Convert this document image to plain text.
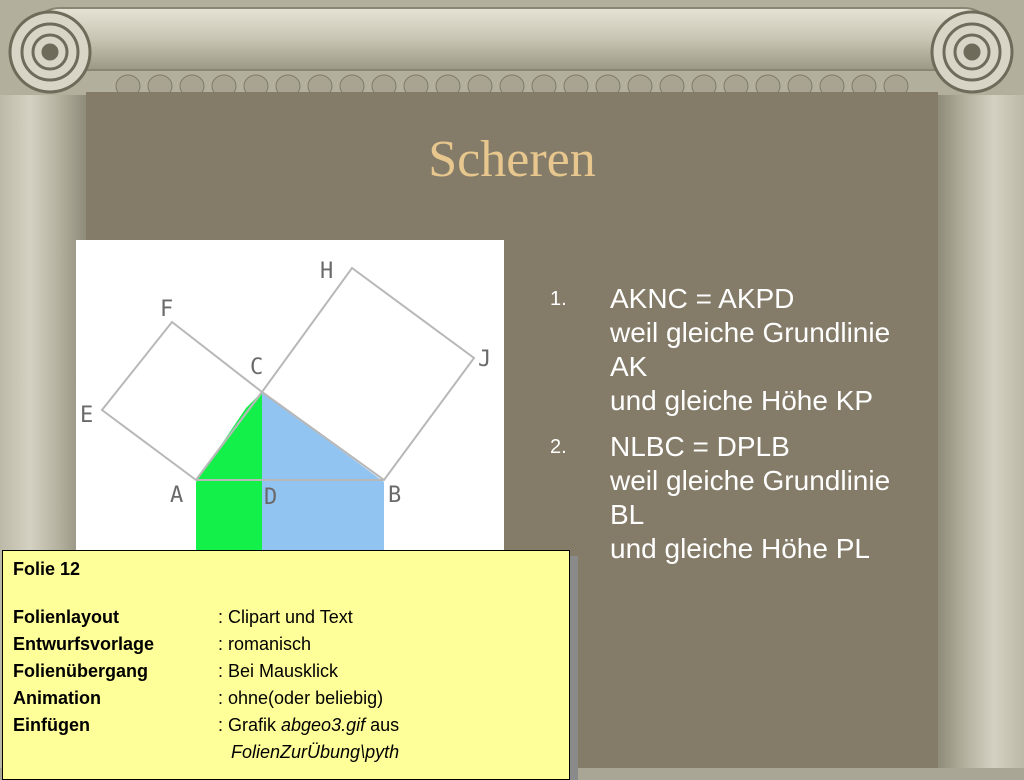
Scheren
H
F
C	J
E
A	D	B
1. AKNC = AKPD
weil gleiche Grundlinie
AK
und gleiche Höhe KP
2. NLBC = DPLB
weil gleiche Grundlinie
BL
und gleiche Höhe PL
Folie 12
Folienlayout	: Clipart und Text
Entwurfsvorlage	: romanisch
Folienübergang	: Bei Mausklick
Animation	: ohne(oder beliebig)
Einfügen	: Grafik abgeo3.gif aus
FolienZurÜbung\pyth
